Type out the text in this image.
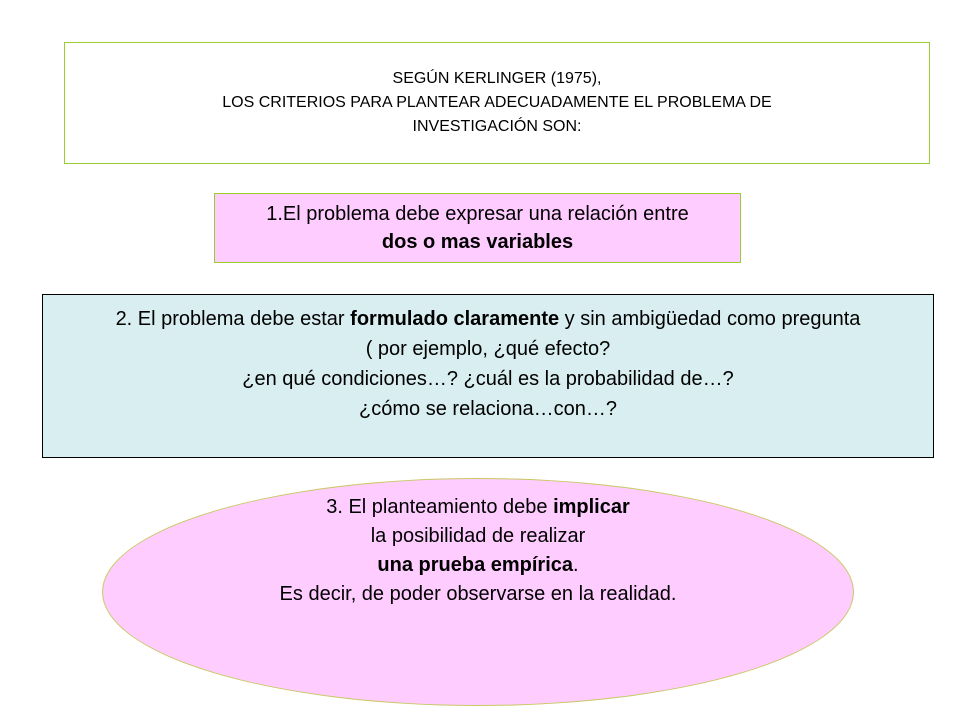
SEGÚN KERLINGER (1975),
LOS CRITERIOS PARA PLANTEAR ADECUADAMENTE EL PROBLEMA DE
INVESTIGACIÓN SON:
1.El problema debe expresar una relación entre
dos o mas variables
2. El problema debe estar formulado claramente y sin ambigüedad como pregunta
( por ejemplo, ¿qué efecto?
¿en qué condiciones…? ¿cuál es la probabilidad de…?
¿cómo se relaciona…con…?
3. El planteamiento debe implicar
la posibilidad de realizar
una prueba empírica.
Es decir, de poder observarse en la realidad.
